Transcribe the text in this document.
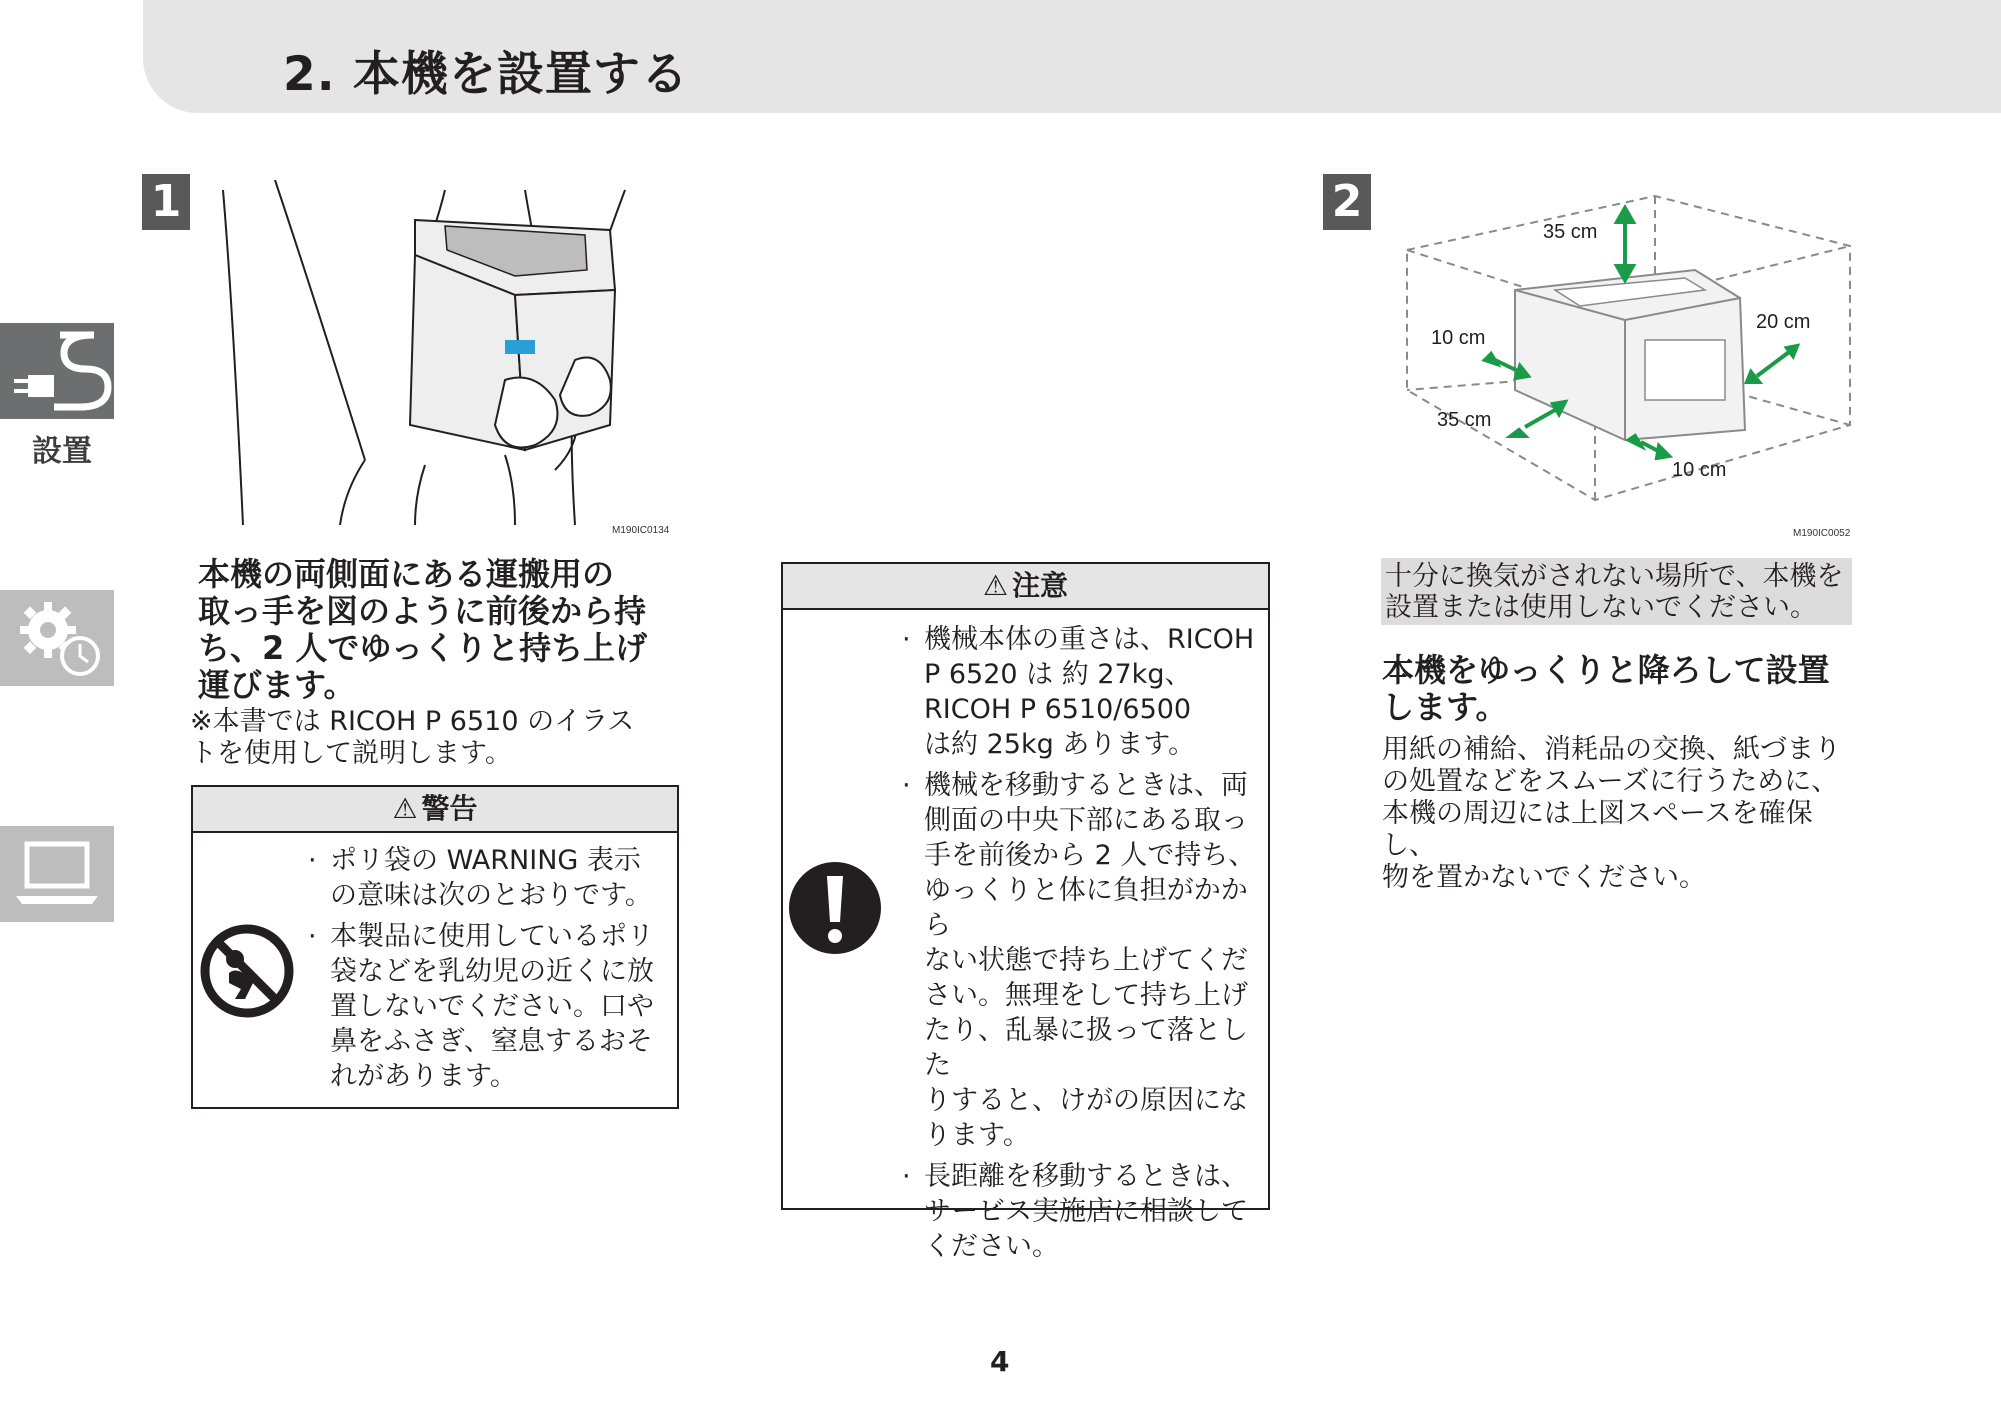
2. 本機を設置する
設置
1
M190IC0134
本機の両側面にある運搬用の
取っ手を図のように前後から持
ち、2 人でゆっくりと持ち上げ
運びます。
※本書では RICOH P 6510 のイラス
トを使用して説明します。
⚠ 警告
· ポリ袋の WARNING 表示
の意味は次のとおりです。
· 本製品に使用しているポリ
袋などを乳幼児の近くに放
置しないでください。口や
鼻をふさぎ、窒息するおそ
れがあります。
⚠ 注意
· 機械本体の重さは、RICOH
P 6520 は 約 27kg、
RICOH P 6510/6500
は約 25kg あります。
· 機械を移動するときは、両
側面の中央下部にある取っ
手を前後から 2 人で持ち、
ゆっくりと体に負担がかから
ない状態で持ち上げてくだ
さい。無理をして持ち上げ
たり、乱暴に扱って落とした
りすると、けがの原因にな
ります。
· 長距離を移動するときは、
サービス実施店に相談して
ください。
2
35 cm
10 cm
20 cm
35 cm
10 cm
M190IC0052
十分に換気がされない場所で、本機を
設置または使用しないでください。
本機をゆっくりと降ろして設置
します。
用紙の補給、消耗品の交換、紙づまり
の処置などをスムーズに行うために、
本機の周辺には上図スペースを確保し、
物を置かないでください。
4
